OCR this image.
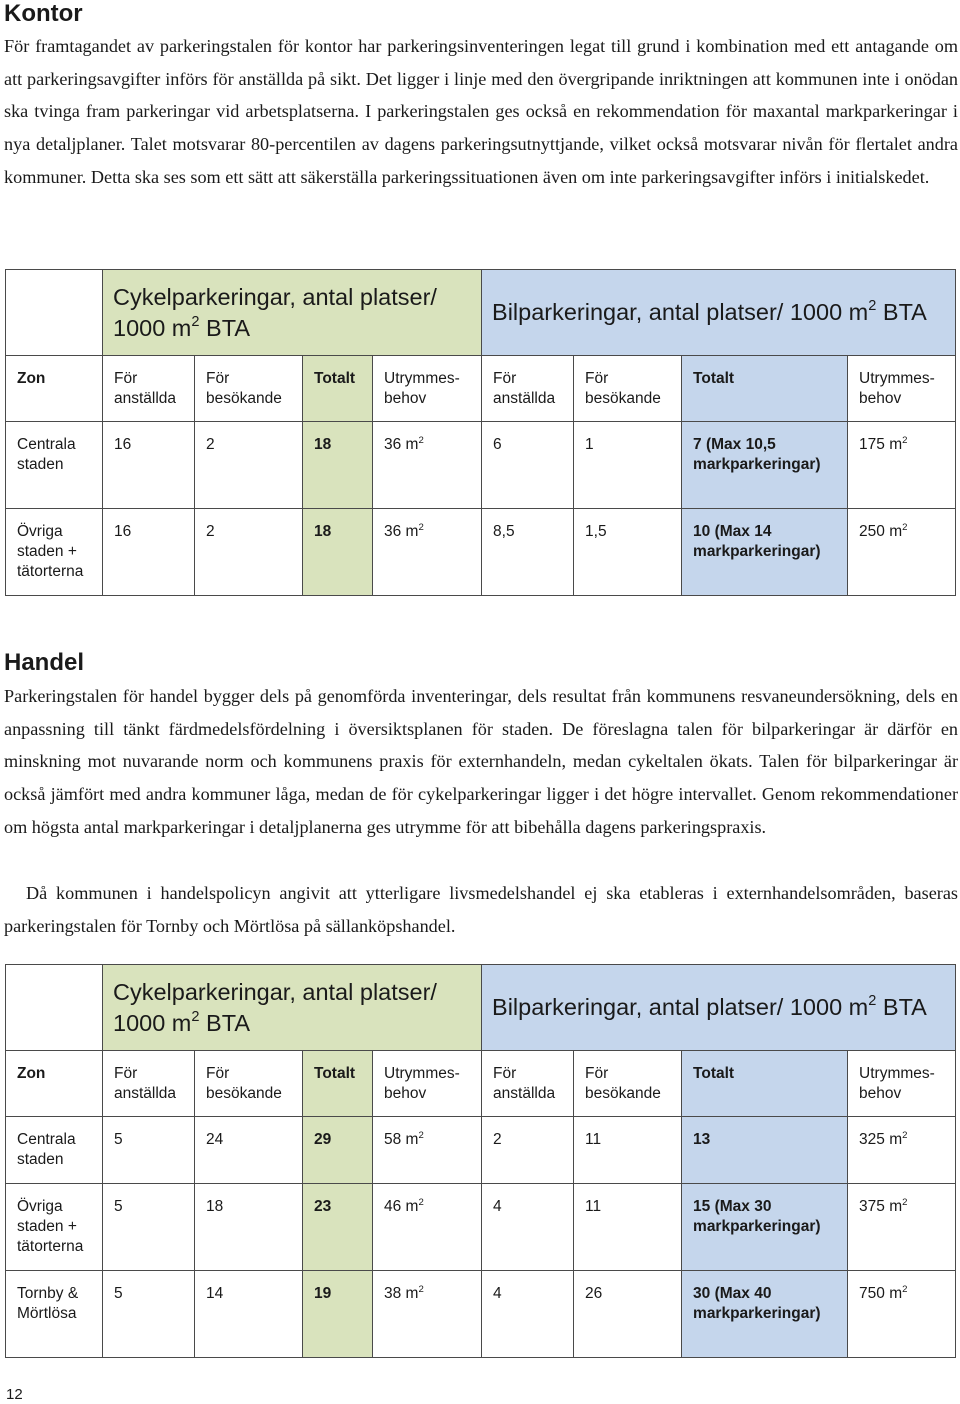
Kontor

För framtagandet av parkeringstalen för kontor har parkeringsinventeringen legat till grund i kombination med ett antagande om att parkeringsavgifter införs för anställda på sikt. Det ligger i linje med den övergripande inriktningen att kommunen inte i onödan ska tvinga fram parkeringar vid arbetsplatserna. I parkeringstalen ges också en rekommendation för maxantal markparkeringar i nya detaljplaner. Talet motsvarar 80-percentilen av dagens parkeringsutnyttjande, vilket också motsvarar nivån för flertalet andra kommuner. Detta ska ses som ett sätt att säkerställa parkeringssituationen även om inte parkeringsavgifter införs i initialskedet.

	Cykelparkeringar, antal platser/ 1000 $m^2$ BTA				Bilparkeringar, antal platser/ 1000 $m^2$ BTA			
Zon	För anställda	För besökande	Totalt	Utrymmes-behov	För anställda	För besökande	Totalt	Utrymmes-behov
Centrala staden	16	2	18	36 $m^2$	6	1	7 (Max 10,5 markparkeringar)	175 $m^2$
Övriga staden + tätorterna	16	2	18	36 $m^2$	8,5	1,5	10 (Max 14 markparkeringar)	250 $m^2$
Handel

Parkeringstalen för handel bygger dels på genomförda inventeringar, dels resultat från kommunens resvaneundersökning, dels en anpassning till tänkt färdmedelsfördelning i översiktsplanen för staden. De föreslagna talen för bilparkeringar är därför en minskning mot nuvarande norm och kommunens praxis för externhandeln, medan cykeltalen ökats. Talen för bilparkeringar är också jämfört med andra kommuner låga, medan de för cykelparkeringar ligger i det högre intervallet. Genom rekommendationer om högsta antal markparkeringar i detaljplanerna ges utrymme för att bibehålla dagens parkeringspraxis.

Då kommunen i handelspolicyn angivit att ytterligare livsmedelshandel ej ska etableras i externhandelsområden, baseras parkeringstalen för Tornby och Mörtlösa på sällanköpshandel.

	Cykelparkeringar, antal platser/ 1000 $m^2$ BTA				Bilparkeringar, antal platser/ 1000 $m^2$ BTA			
Zon	För anställda	För besökande	Totalt	Utrymmes-behov	För anställda	För besökande	Totalt	Utrymmes-behov
Centrala staden	5	24	29	58 $m^2$	2	11	13	325 $m^2$
Övriga staden + tätorterna	5	18	23	46 $m^2$	4	11	15 (Max 30 markparkeringar)	375 $m^2$
Tornby & Mörtlösa	5	14	19	38 $m^2$	4	26	30 (Max 40 markparkeringar)	750 $m^2$
12
